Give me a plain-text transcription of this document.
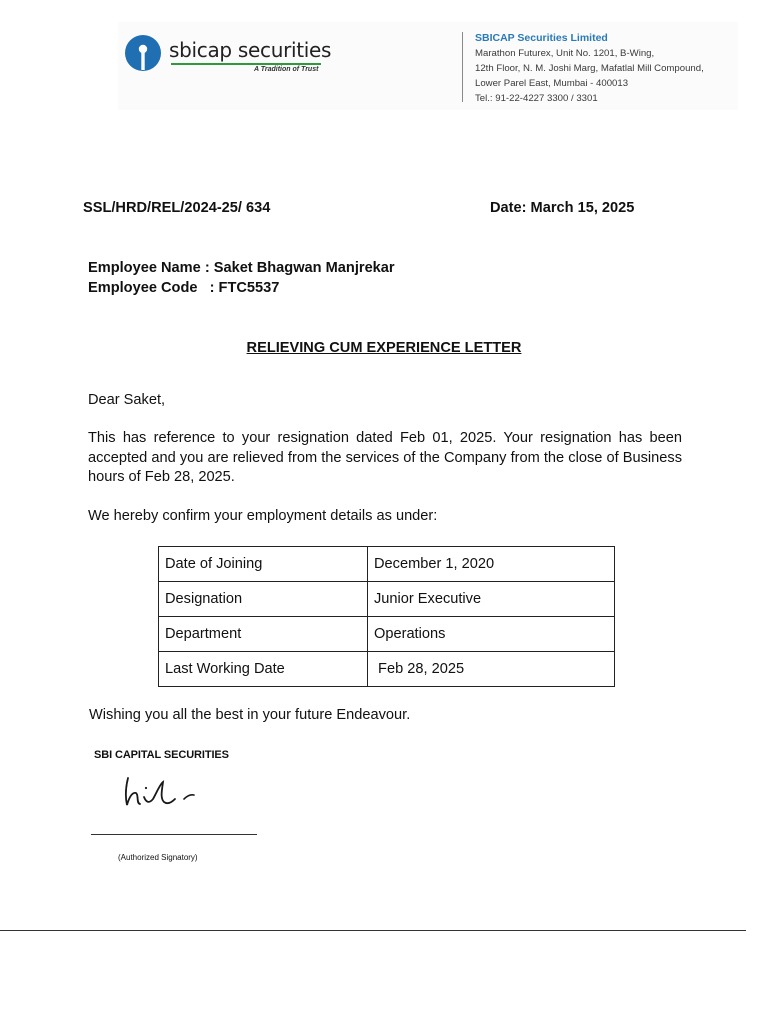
sbicap securities
A Tradition of Trust
SBICAP Securities Limited
Marathon Futurex, Unit No. 1201, B-Wing,
12th Floor, N. M. Joshi Marg, Mafatlal Mill Compound,
Lower Parel East, Mumbai - 400013
Tel.: 91-22-4227 3300 / 3301
SSL/HRD/REL/2024-25/ 634	Date: March 15, 2025
Employee Name : Saket Bhagwan Manjrekar
Employee Code : FTC5537
RELIEVING CUM EXPERIENCE LETTER
Dear Saket,
This has reference to your resignation dated Feb 01, 2025. Your resignation has been accepted and you are relieved from the services of the Company from the close of Business hours of Feb 28, 2025.
We hereby confirm your employment details as under:
Date of Joining	December 1, 2020
Designation	Junior Executive
Department	Operations
Last Working Date	Feb 28, 2025
Wishing you all the best in your future Endeavour.
SBI CAPITAL SECURITIES
(Authorized Signatory)
